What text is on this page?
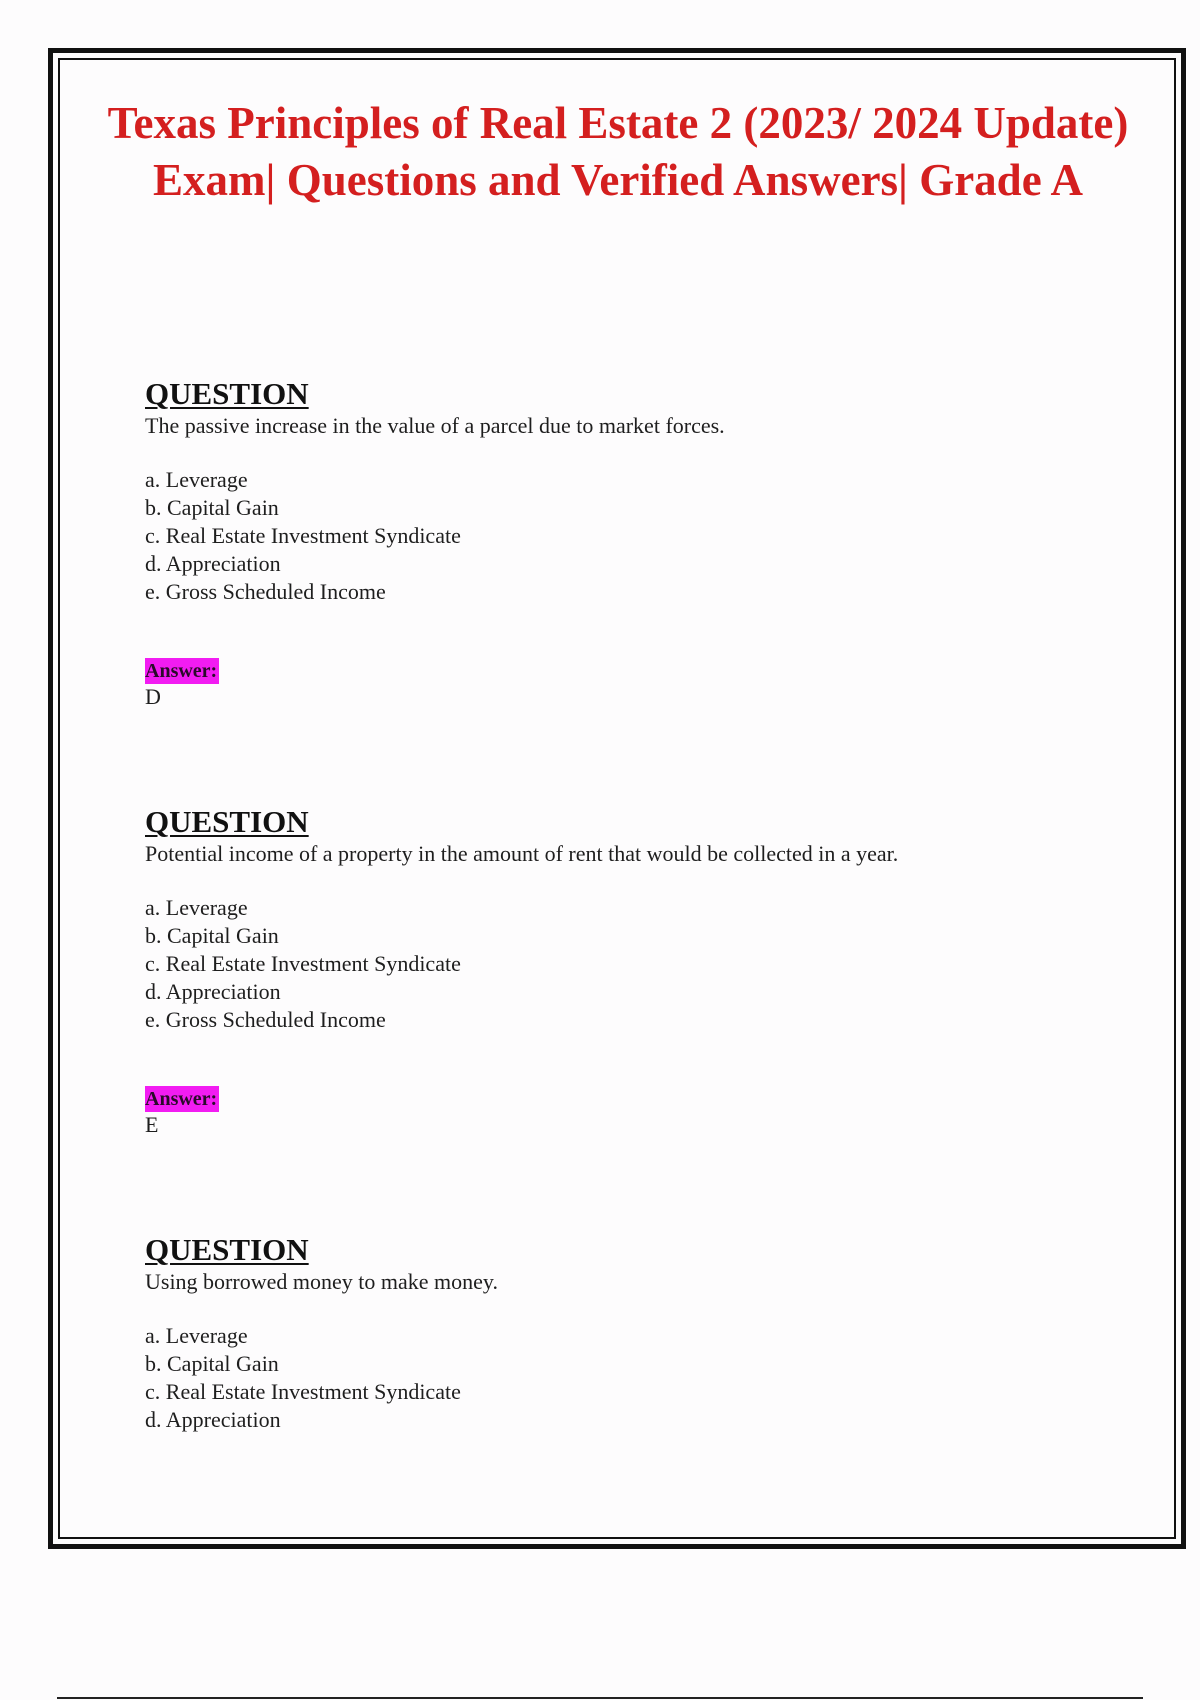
Texas Principles of Real Estate 2 (2023/ 2024 Update) Exam| Questions and Verified Answers| Grade A
QUESTION

The passive increase in the value of a parcel due to market forces.

a. Leverage
b. Capital Gain
c. Real Estate Investment Syndicate
d. Appreciation
e. Gross Scheduled Income
Answer:

D

QUESTION

Potential income of a property in the amount of rent that would be collected in a year.

a. Leverage
b. Capital Gain
c. Real Estate Investment Syndicate
d. Appreciation
e. Gross Scheduled Income
Answer:

E

QUESTION

Using borrowed money to make money.

a. Leverage
b. Capital Gain
c. Real Estate Investment Syndicate
d. Appreciation
